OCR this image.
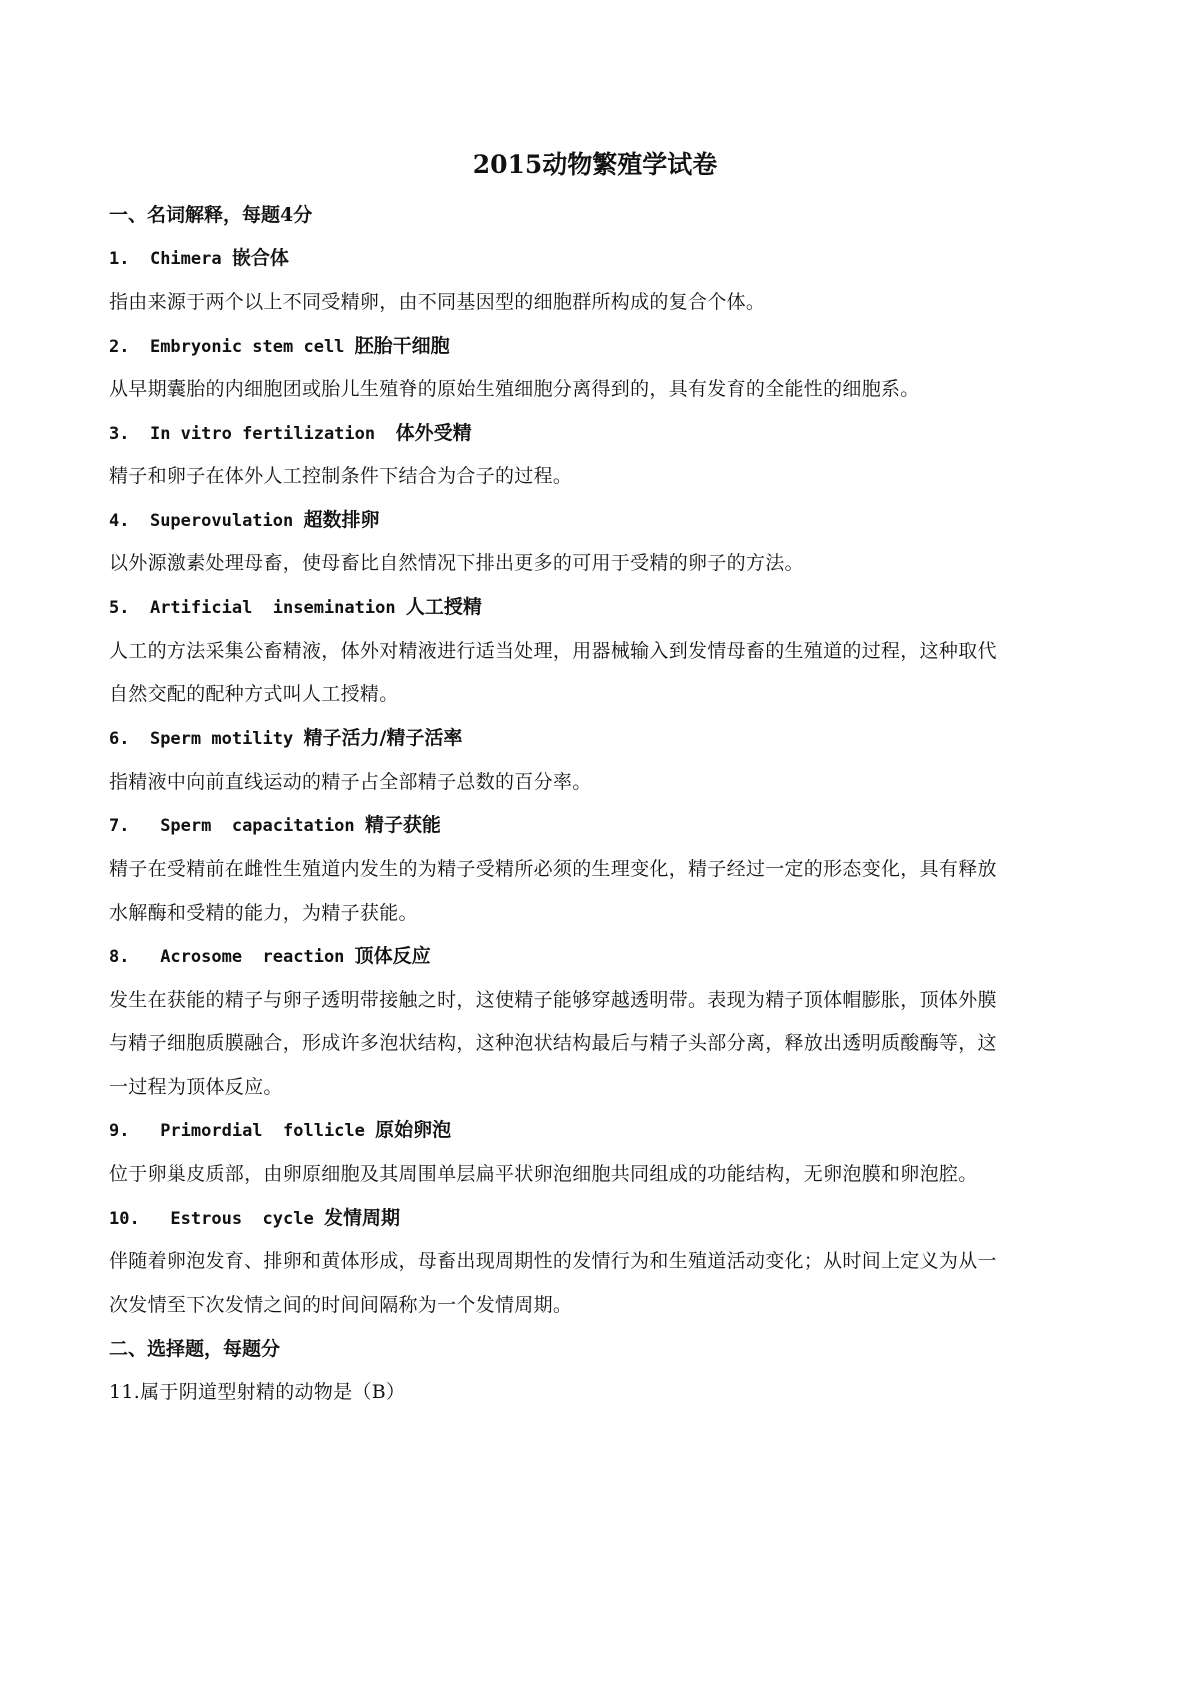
2015动物繁殖学试卷
一、名词解释，每题4分
1.  Chimera 嵌合体
指由来源于两个以上不同受精卵，由不同基因型的细胞群所构成的复合个体。
2.  Embryonic stem cell 胚胎干细胞
从早期囊胎的内细胞团或胎儿生殖脊的原始生殖细胞分离得到的，具有发育的全能性的细胞系。
3.  In vitro fertilization  体外受精
精子和卵子在体外人工控制条件下结合为合子的过程。
4.  Superovulation 超数排卵
以外源激素处理母畜，使母畜比自然情况下排出更多的可用于受精的卵子的方法。
5.  Artificial  insemination 人工授精
人工的方法采集公畜精液，体外对精液进行适当处理，用器械输入到发情母畜的生殖道的过程，这种取代
自然交配的配种方式叫人工授精。
6.  Sperm motility 精子活力/精子活率
指精液中向前直线运动的精子占全部精子总数的百分率。
7.   Sperm  capacitation 精子获能
精子在受精前在雌性生殖道内发生的为精子受精所必须的生理变化，精子经过一定的形态变化，具有释放
水解酶和受精的能力，为精子获能。
8.   Acrosome  reaction 顶体反应
发生在获能的精子与卵子透明带接触之时，这使精子能够穿越透明带。表现为精子顶体帽膨胀，顶体外膜
与精子细胞质膜融合，形成许多泡状结构，这种泡状结构最后与精子头部分离，释放出透明质酸酶等，这
一过程为顶体反应。
9.   Primordial  follicle 原始卵泡
位于卵巢皮质部，由卵原细胞及其周围单层扁平状卵泡细胞共同组成的功能结构，无卵泡膜和卵泡腔。
10.   Estrous  cycle 发情周期
伴随着卵泡发育、排卵和黄体形成，母畜出现周期性的发情行为和生殖道活动变化；从时间上定义为从一
次发情至下次发情之间的时间间隔称为一个发情周期。
二、选择题，每题分
11.属于阴道型射精的动物是（B）
